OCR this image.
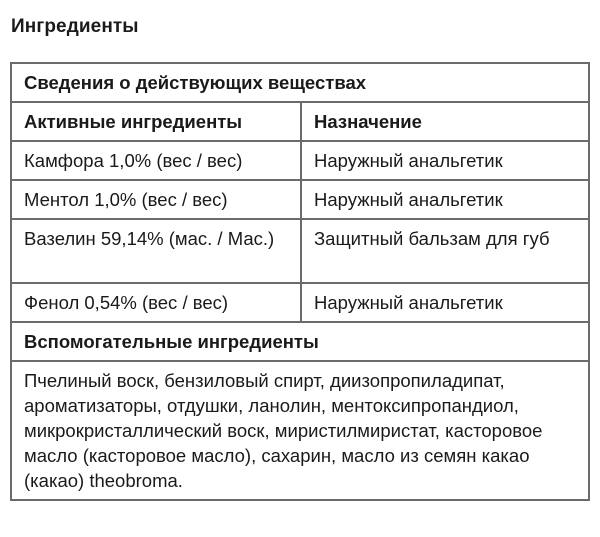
Ингредиенты
Сведения о действующих веществах	
Активные ингредиенты	Назначение
Камфора 1,0% (вес / вес)	Наружный анальгетик
Ментол 1,0% (вес / вес)	Наружный анальгетик
Вазелин 59,14% (мас. / Мас.)	Защитный бальзам для губ
Фенол 0,54% (вес / вес)	Наружный анальгетик
Вспомогательные ингредиенты	
Пчелиный воск, бензиловый спирт, диизопропиладипат, ароматизаторы, отдушки, ланолин, ментоксипропандиол, микрокристаллический воск, миристилмиристат, касторовое масло (касторовое масло), сахарин, масло из семян какао (какао) theobroma.	
